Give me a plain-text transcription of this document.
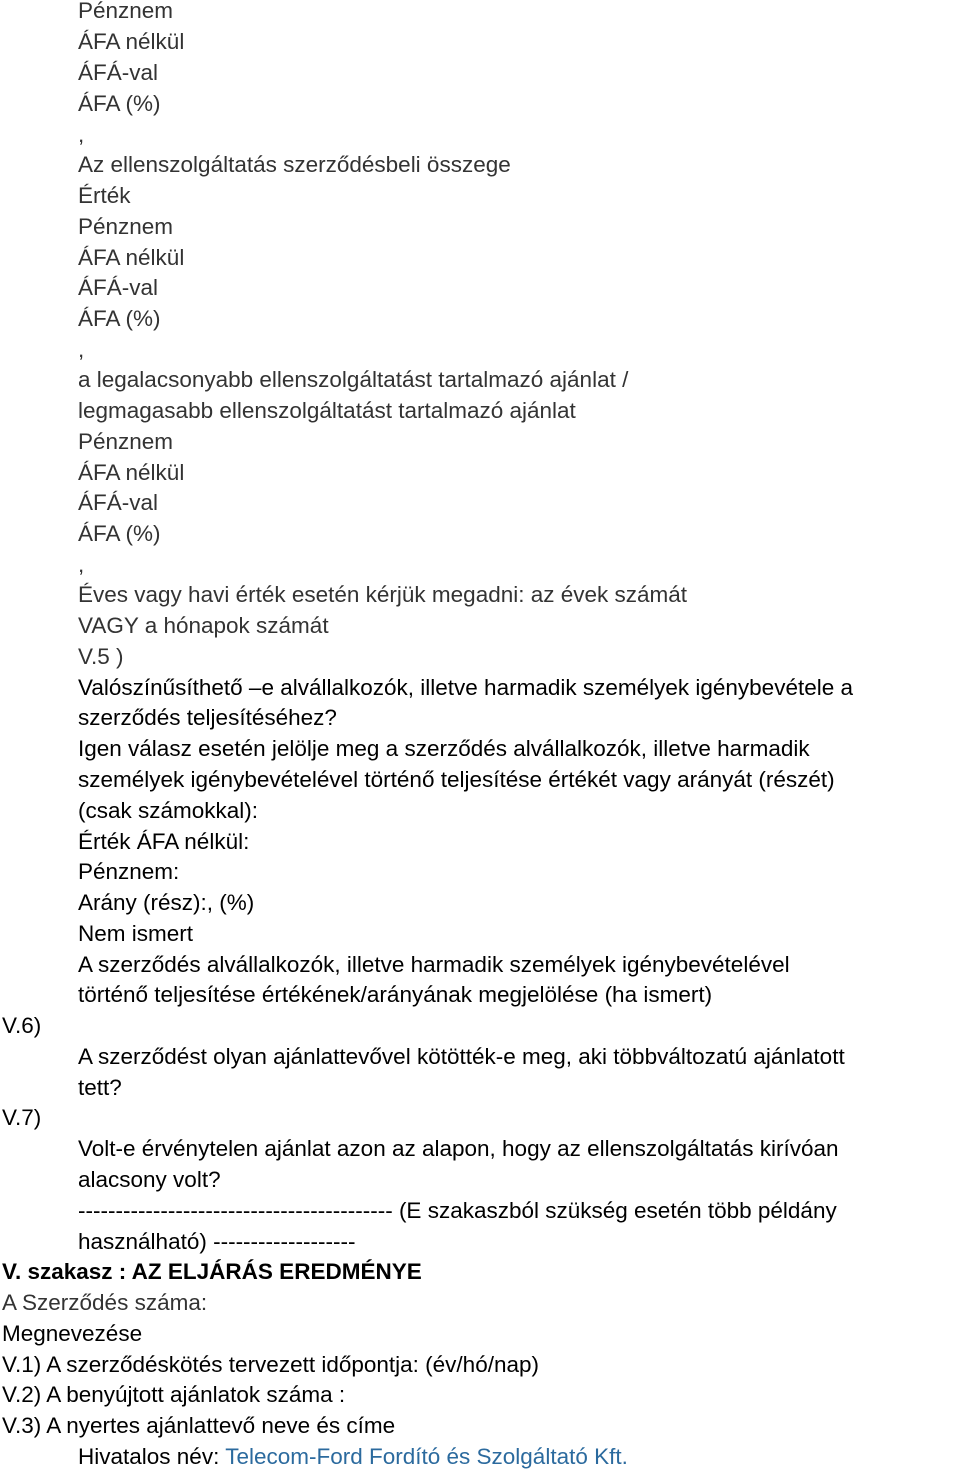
Pénznem
ÁFA nélkül
ÁFÁ-val
ÁFA (%)
,
Az ellenszolgáltatás szerződésbeli összege
Érték
Pénznem
ÁFA nélkül
ÁFÁ-val
ÁFA (%)
,
a legalacsonyabb ellenszolgáltatást tartalmazó ajánlat /
legmagasabb ellenszolgáltatást tartalmazó ajánlat
Pénznem
ÁFA nélkül
ÁFÁ-val
ÁFA (%)
,
Éves vagy havi érték esetén kérjük megadni: az évek számát
VAGY a hónapok számát
V.5 )
Valószínűsíthető –e alvállalkozók, illetve harmadik személyek igénybevétele a
szerződés teljesítéséhez?
Igen válasz esetén jelölje meg a szerződés alvállalkozók, illetve harmadik
személyek igénybevételével történő teljesítése értékét vagy arányát (részét)
(csak számokkal):
Érték ÁFA nélkül:
Pénznem:
Arány (rész):, (%)
Nem ismert
A szerződés alvállalkozók, illetve harmadik személyek igénybevételével
történő teljesítése értékének/arányának megjelölése (ha ismert)
V.6)
A szerződést olyan ajánlattevővel kötötték-e meg, aki többváltozatú ajánlatott
tett?
V.7)
Volt-e érvénytelen ajánlat azon az alapon, hogy az ellenszolgáltatás kirívóan
alacsony volt?
------------------------------------------ (E szakaszból szükség esetén több példány
használható) -------------------
V. szakasz : AZ ELJÁRÁS EREDMÉNYE
A Szerződés száma:
Megnevezése
V.1) A szerződéskötés tervezett időpontja: (év/hó/nap)
V.2) A benyújtott ajánlatok száma :
V.3) A nyertes ajánlattevő neve és címe
Hivatalos név: Telecom-Ford Fordító és Szolgáltató Kft.
